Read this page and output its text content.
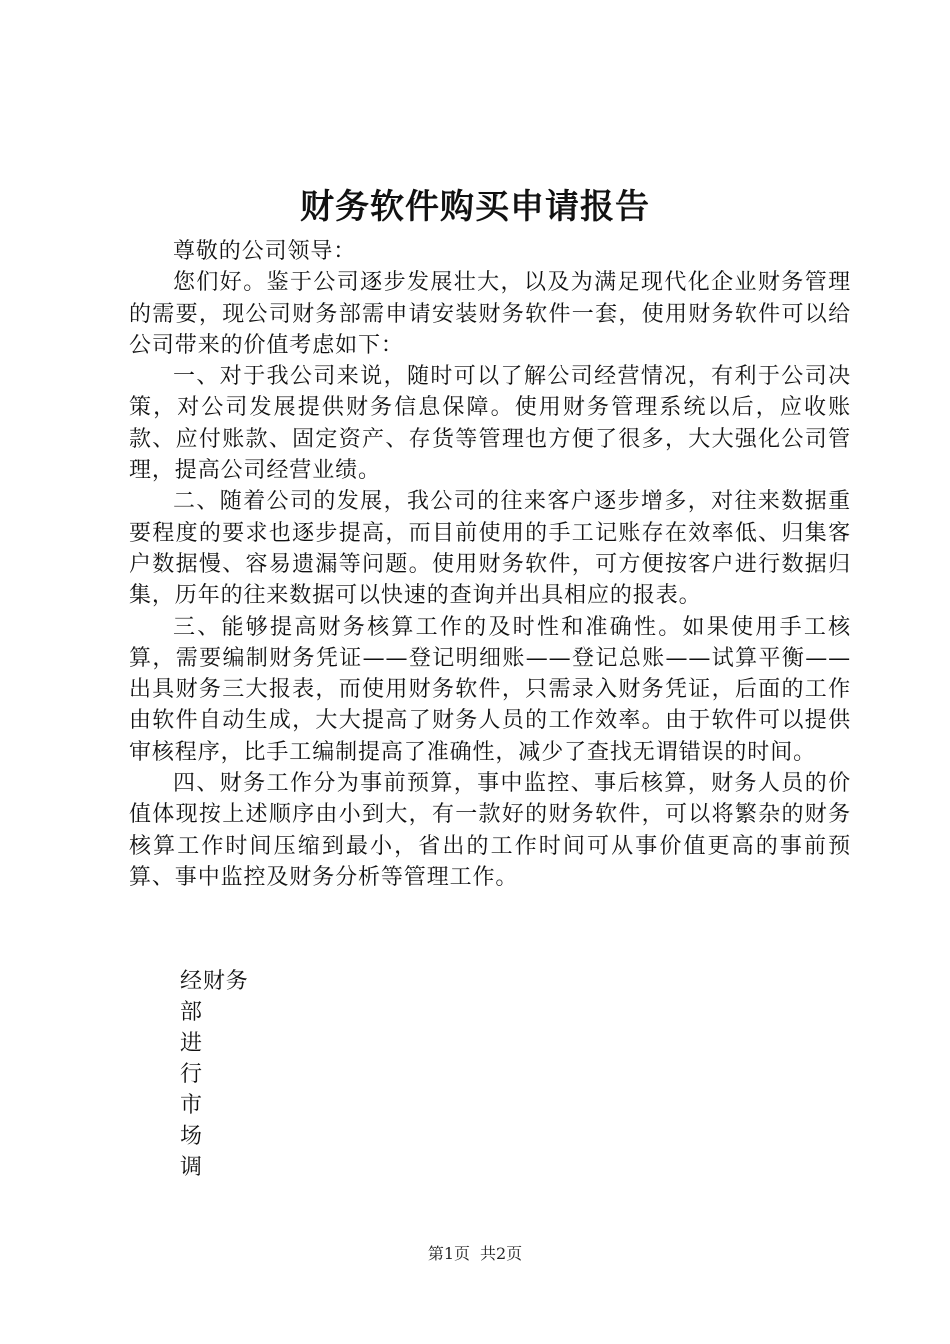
财务软件购买申请报告

尊敬的公司领导：

您们好。鉴于公司逐步发展壮大，以及为满足现代化企业财务管理的需要，现公司财务部需申请安装财务软件一套，使用财务软件可以给公司带来的价值考虑如下：

一、对于我公司来说，随时可以了解公司经营情况，有利于公司决策，对公司发展提供财务信息保障。使用财务管理系统以后，应收账款、应付账款、固定资产、存货等管理也方便了很多，大大强化公司管理，提高公司经营业绩。

二、随着公司的发展，我公司的往来客户逐步增多，对往来数据重要程度的要求也逐步提高，而目前使用的手工记账存在效率低、归集客户数据慢、容易遗漏等问题。使用财务软件，可方便按客户进行数据归集，历年的往来数据可以快速的查询并出具相应的报表。

三、能够提高财务核算工作的及时性和准确性。如果使用手工核算，需要编制财务凭证——登记明细账——登记总账——试算平衡——出具财务三大报表，而使用财务软件，只需录入财务凭证，后面的工作由软件自动生成，大大提高了财务人员的工作效率。由于软件可以提供审核程序，比手工编制提高了准确性，减少了查找无谓错误的时间。

四、财务工作分为事前预算，事中监控、事后核算，财务人员的价值体现按上述顺序由小到大，有一款好的财务软件，可以将繁杂的财务核算工作时间压缩到最小，省出的工作时间可从事价值更高的事前预算、事中监控及财务分析等管理工作。

经财务
部
进
行
市
场
调
第1页 共2页
